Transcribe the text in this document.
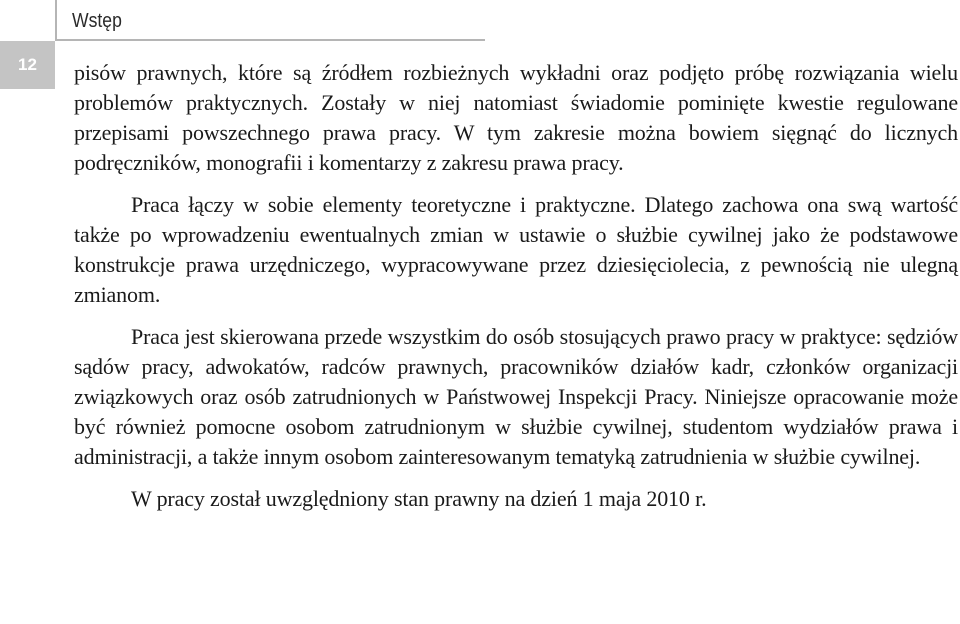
Wstęp
12 pisów prawnych, które są źródłem rozbieżnych wykładni oraz podjęto próbę rozwiązania wielu problemów praktycznych. Zostały w niej natomiast świadomie pominięte kwestie regulowane przepisami powszechnego prawa pracy. W tym zakresie można bowiem sięgnąć do licznych podręczników, monografii i komentarzy z zakresu prawa pracy.

Praca łączy w sobie elementy teoretyczne i praktyczne. Dlatego zachowa ona swą wartość także po wprowadzeniu ewentualnych zmian w ustawie o służbie cywilnej jako że podstawowe konstrukcje prawa urzędniczego, wypracowywane przez dziesięciolecia, z pewnością nie ulegną zmianom.

Praca jest skierowana przede wszystkim do osób stosujących prawo pracy w praktyce: sędziów sądów pracy, adwokatów, radców prawnych, pracowników działów kadr, członków organizacji związkowych oraz osób zatrudnionych w Państwowej Inspekcji Pracy. Niniejsze opracowanie może być również pomocne osobom zatrudnionym w służbie cywilnej, studentom wydziałów prawa i administracji, a także innym osobom zainteresowanym tematyką zatrudnienia w służbie cywilnej.

W pracy został uwzględniony stan prawny na dzień 1 maja 2010 r.
